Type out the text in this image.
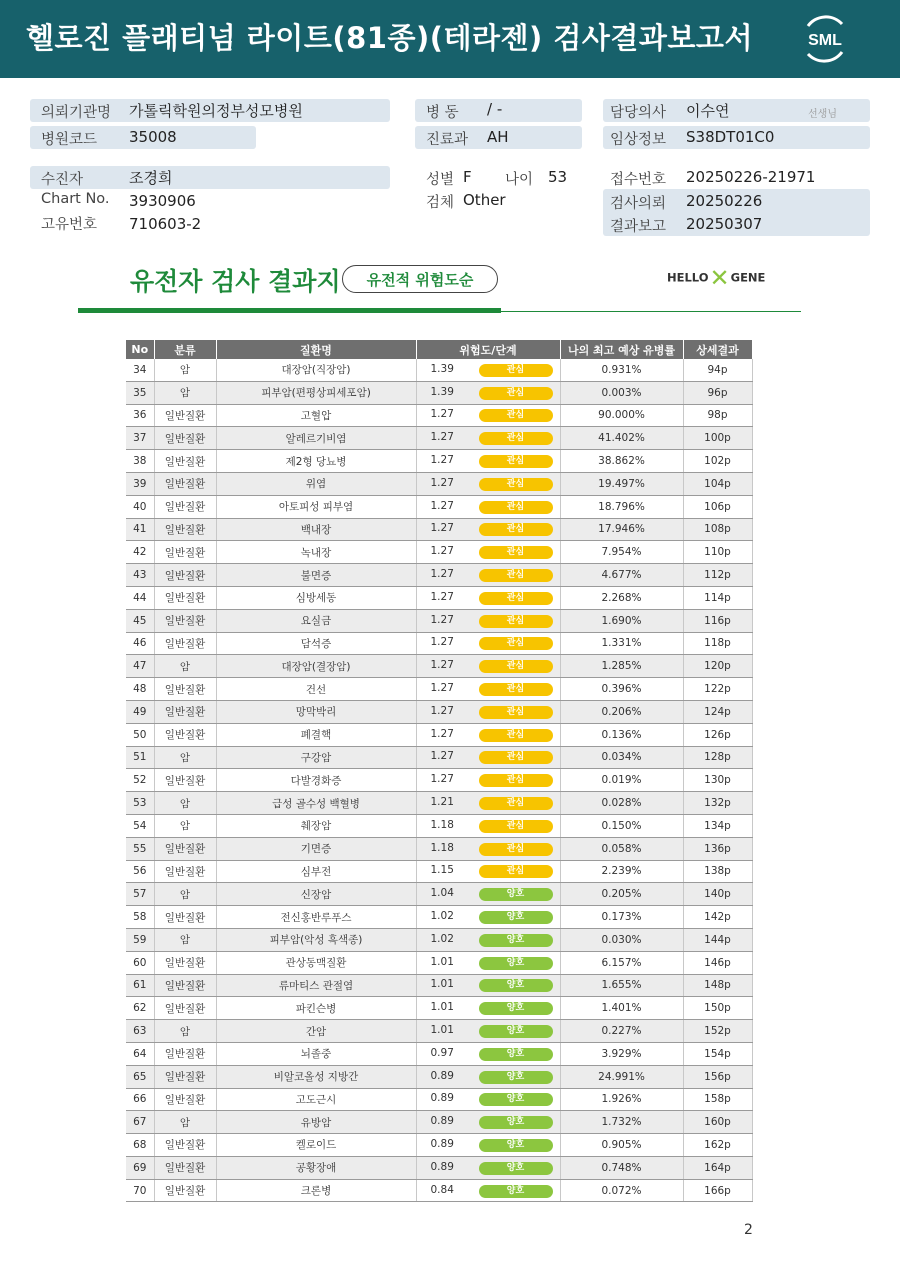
헬로진 플래티넘 라이트(81종)(테라젠) 검사결과보고서	SML
의뢰기관명 가톨릭학원의정부성모병원
병원코드 35008
병 동 / -
진료과 AH
담당의사 이수연	선생님
임상정보 S38DT01C0
수진자	조경희
Chart No. 3930906
고유번호 710603-2
성별 F 나이 53
검체 Other
접수번호 20250226-21971
검사의뢰 20250226
결과보고 20250307
유전자 검사 결과지	유전적 위험도순	HELLO✕GENE
No	분류	질환명	위험도/단계	나의 최고 예상 유병률	상세결과
34	암	대장암(직장암)	1.39 관심	0.931%	94p
35	암	피부암(편평상피세포암)	1.39 관심	0.003%	96p
36	일반질환	고혈압	1.27 관심	90.000%	98p
37	일반질환	알레르기비염	1.27 관심	41.402%	100p
38	일반질환	제2형 당뇨병	1.27 관심	38.862%	102p
39	일반질환	위염	1.27 관심	19.497%	104p
40	일반질환	아토피성 피부염	1.27 관심	18.796%	106p
41	일반질환	백내장	1.27 관심	17.946%	108p
42	일반질환	녹내장	1.27 관심	7.954%	110p
43	일반질환	불면증	1.27 관심	4.677%	112p
44	일반질환	심방세동	1.27 관심	2.268%	114p
45	일반질환	요실금	1.27 관심	1.690%	116p
46	일반질환	담석증	1.27 관심	1.331%	118p
47	암	대장암(결장암)	1.27 관심	1.285%	120p
48	일반질환	건선	1.27 관심	0.396%	122p
49	일반질환	망막박리	1.27 관심	0.206%	124p
50	일반질환	폐결핵	1.27 관심	0.136%	126p
51	암	구강암	1.27 관심	0.034%	128p
52	일반질환	다발경화증	1.27 관심	0.019%	130p
53	암	급성 골수성 백혈병	1.21 관심	0.028%	132p
54	암	췌장암	1.18 관심	0.150%	134p
55	일반질환	기면증	1.18 관심	0.058%	136p
56	일반질환	심부전	1.15 관심	2.239%	138p
57	암	신장암	1.04 양호	0.205%	140p
58	일반질환	전신홍반루푸스	1.02 양호	0.173%	142p
59	암	피부암(악성 흑색종)	1.02 양호	0.030%	144p
60	일반질환	관상동맥질환	1.01 양호	6.157%	146p
61	일반질환	류마티스 관절염	1.01 양호	1.655%	148p
62	일반질환	파킨슨병	1.01 양호	1.401%	150p
63	암	간암	1.01 양호	0.227%	152p
64	일반질환	뇌졸중	0.97 양호	3.929%	154p
65	일반질환	비알코올성 지방간	0.89 양호	24.991%	156p
66	일반질환	고도근시	0.89 양호	1.926%	158p
67	암	유방암	0.89 양호	1.732%	160p
68	일반질환	켈로이드	0.89 양호	0.905%	162p
69	일반질환	공황장애	0.89 양호	0.748%	164p
70	일반질환	크론병	0.84 양호	0.072%	166p
2
